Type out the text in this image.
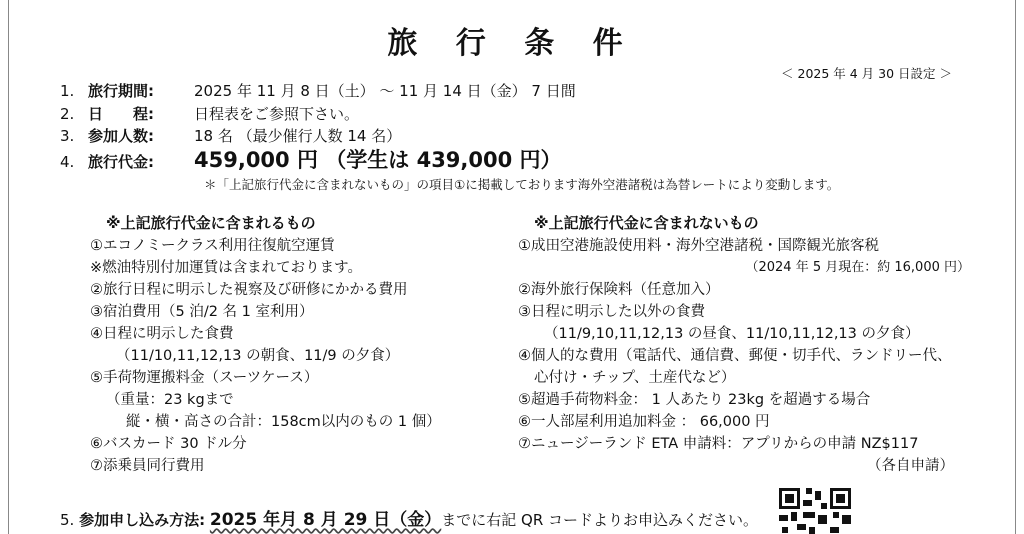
旅 行 条 件
＜ 2025 年 4 月 30 日設定 ＞
1. 旅行期間:	2025 年 11 月 8 日（土） ～ 11 月 14 日（金） 7 日間
2. 日　　程:	日程表をご参照下さい。
3. 参加人数:	18 名 （最少催行人数 14 名）
4. 旅行代金: 459,000 円 （学生は 439,000 円）
＊「上記旅行代金に含まれないもの」の項目①に掲載しております海外空港諸税は為替レートにより変動します。
※上記旅行代金に含まれるもの
①エコノミークラス利用往復航空運賃
※燃油特別付加運賃は含まれております。
②旅行日程に明示した視察及び研修にかかる費用
③宿泊費用（5 泊/2 名 1 室利用）
④日程に明示した食費
（11/10,11,12,13 の朝食、11/9 の夕食）
⑤手荷物運搬料金（スーツケース）
（重量：23 kgまで
縦・横・高さの合計：158cm以内のもの 1 個）
⑥バスカード 30 ドル分
⑦添乗員同行費用
※上記旅行代金に含まれないもの
①成田空港施設使用料・海外空港諸税・国際観光旅客税
（2024 年 5 月現在：約 16,000 円）
②海外旅行保険料（任意加入）
③日程に明示した以外の食費
（11/9,10,11,12,13 の昼食、11/10,11,12,13 の夕食）
④個人的な費用（電話代、通信費、郵便・切手代、ランドリー代、
心付け・チップ、土産代など）
⑤超過手荷物料金： 1 人あたり 23kg を超過する場合
⑥一人部屋利用追加料金 ： 66,000 円
⑦ニュージーランド ETA 申請料：アプリからの申請 NZ$117
（各自申請）
5. 参加申し込み方法: 2025 年月 8 月 29 日（金）までに右記 QR コードよりお申込みください。
